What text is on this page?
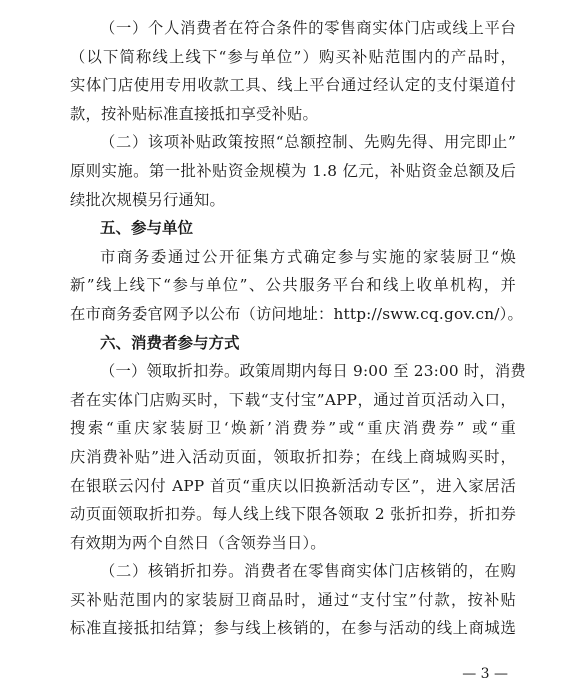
（一）个人消费者在符合条件的零售商实体门店或线上平台
（以下简称线上线下“参与单位”）购买补贴范围内的产品时，
实体门店使用专用收款工具、线上平台通过经认定的支付渠道付
款，按补贴标准直接抵扣享受补贴。
（二）该项补贴政策按照“总额控制、先购先得、用完即止”
原则实施。第一批补贴资金规模为 1.8 亿元，补贴资金总额及后
续批次规模另行通知。
五、参与单位
市商务委通过公开征集方式确定参与实施的家装厨卫“焕
新”线上线下“参与单位”、公共服务平台和线上收单机构，并
在市商务委官网予以公布（访问地址：http://sww.cq.gov.cn/）。
六、消费者参与方式
（一）领取折扣券。政策周期内每日 9:00 至 23:00 时，消费
者在实体门店购买时，下载“支付宝”APP，通过首页活动入口，
搜索“重庆家装厨卫‘焕新’消费券”或“重庆消费券” 或“重
庆消费补贴”进入活动页面，领取折扣券；在线上商城购买时，
在银联云闪付 APP 首页“重庆以旧换新活动专区”，进入家居活
动页面领取折扣券。每人线上线下限各领取 2 张折扣券，折扣券
有效期为两个自然日（含领券当日）。
（二）核销折扣券。消费者在零售商实体门店核销的，在购
买补贴范围内的家装厨卫商品时，通过“支付宝”付款，按补贴
标准直接抵扣结算；参与线上核销的，在参与活动的线上商城选
— 3 —
